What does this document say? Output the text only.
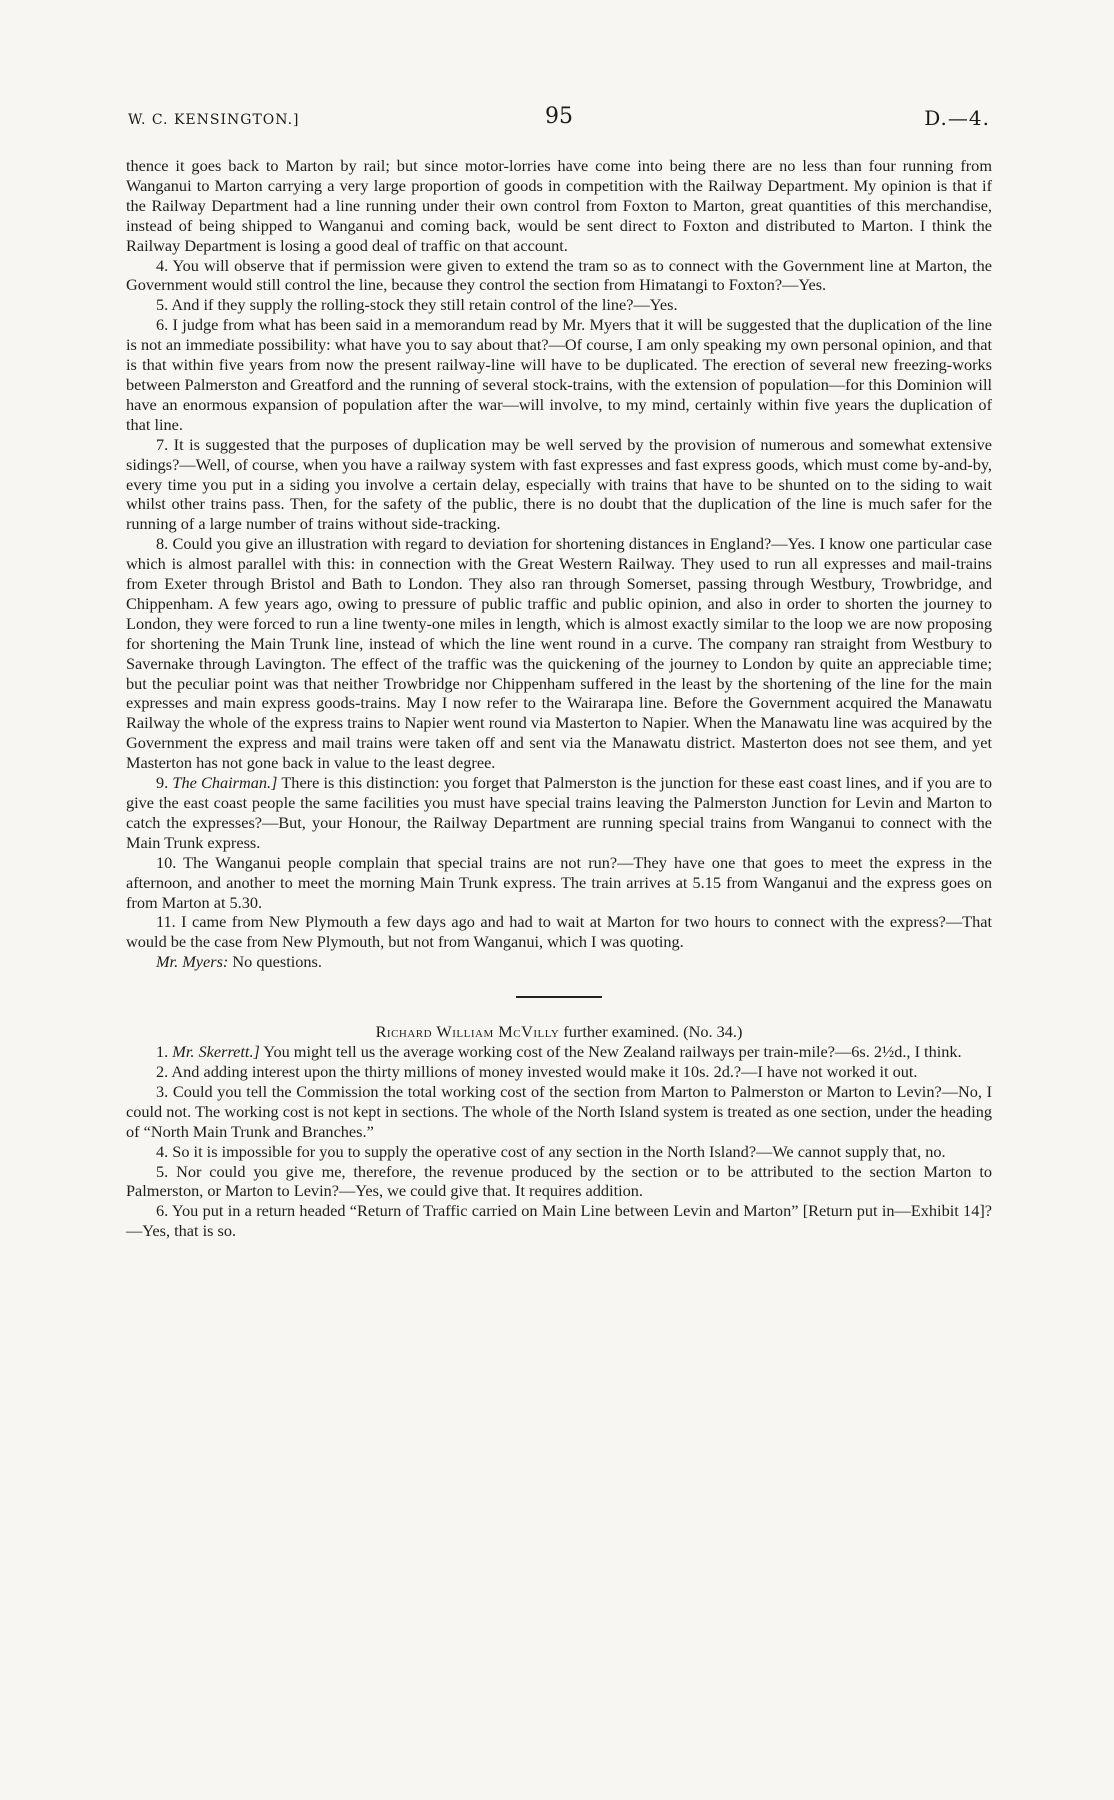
W. C. KENSINGTON.]	95	D.—4.

thence it goes back to Marton by rail; but since motor-lorries have come into being there are no less than four running from Wanganui to Marton carrying a very large proportion of goods in competition with the Railway Department. My opinion is that if the Railway Department had a line running under their own control from Foxton to Marton, great quantities of this merchandise, instead of being shipped to Wanganui and coming back, would be sent direct to Foxton and distributed to Marton. I think the Railway Department is losing a good deal of traffic on that account.

4. You will observe that if permission were given to extend the tram so as to connect with the Government line at Marton, the Government would still control the line, because they control the section from Himatangi to Foxton?—Yes.

5. And if they supply the rolling-stock they still retain control of the line?—Yes.

6. I judge from what has been said in a memorandum read by Mr. Myers that it will be suggested that the duplication of the line is not an immediate possibility: what have you to say about that?—Of course, I am only speaking my own personal opinion, and that is that within five years from now the present railway-line will have to be duplicated. The erection of several new freezing-works between Palmerston and Greatford and the running of several stock-trains, with the extension of population—for this Dominion will have an enormous expansion of population after the war—will involve, to my mind, certainly within five years the duplication of that line.

7. It is suggested that the purposes of duplication may be well served by the provision of numerous and somewhat extensive sidings?—Well, of course, when you have a railway system with fast expresses and fast express goods, which must come by-and-by, every time you put in a siding you involve a certain delay, especially with trains that have to be shunted on to the siding to wait whilst other trains pass. Then, for the safety of the public, there is no doubt that the duplication of the line is much safer for the running of a large number of trains without side-tracking.

8. Could you give an illustration with regard to deviation for shortening distances in England?—Yes. I know one particular case which is almost parallel with this: in connection with the Great Western Railway. They used to run all expresses and mail-trains from Exeter through Bristol and Bath to London. They also ran through Somerset, passing through Westbury, Trowbridge, and Chippenham. A few years ago, owing to pressure of public traffic and public opinion, and also in order to shorten the journey to London, they were forced to run a line twenty-one miles in length, which is almost exactly similar to the loop we are now proposing for shortening the Main Trunk line, instead of which the line went round in a curve. The company ran straight from Westbury to Savernake through Lavington. The effect of the traffic was the quickening of the journey to London by quite an appreciable time; but the peculiar point was that neither Trowbridge nor Chippenham suffered in the least by the shortening of the line for the main expresses and main express goods-trains. May I now refer to the Wairarapa line. Before the Government acquired the Manawatu Railway the whole of the express trains to Napier went round via Masterton to Napier. When the Manawatu line was acquired by the Government the express and mail trains were taken off and sent via the Manawatu district. Masterton does not see them, and yet Masterton has not gone back in value to the least degree.

9. The Chairman.] There is this distinction: you forget that Palmerston is the junction for these east coast lines, and if you are to give the east coast people the same facilities you must have special trains leaving the Palmerston Junction for Levin and Marton to catch the expresses?—But, your Honour, the Railway Department are running special trains from Wanganui to connect with the Main Trunk express.

10. The Wanganui people complain that special trains are not run?—They have one that goes to meet the express in the afternoon, and another to meet the morning Main Trunk express. The train arrives at 5.15 from Wanganui and the express goes on from Marton at 5.30.

11. I came from New Plymouth a few days ago and had to wait at Marton for two hours to connect with the express?—That would be the case from New Plymouth, but not from Wanganui, which I was quoting.

Mr. Myers: No questions.

Richard William McVilly further examined. (No. 34.)

1. Mr. Skerrett.] You might tell us the average working cost of the New Zealand railways per train-mile?—6s. 2½d., I think.

2. And adding interest upon the thirty millions of money invested would make it 10s. 2d.?—I have not worked it out.

3. Could you tell the Commission the total working cost of the section from Marton to Palmerston or Marton to Levin?—No, I could not. The working cost is not kept in sections. The whole of the North Island system is treated as one section, under the heading of “North Main Trunk and Branches.”

4. So it is impossible for you to supply the operative cost of any section in the North Island?—We cannot supply that, no.

5. Nor could you give me, therefore, the revenue produced by the section or to be attributed to the section Marton to Palmerston, or Marton to Levin?—Yes, we could give that. It requires addition.

6. You put in a return headed “Return of Traffic carried on Main Line between Levin and Marton” [Return put in—Exhibit 14]?—Yes, that is so.
